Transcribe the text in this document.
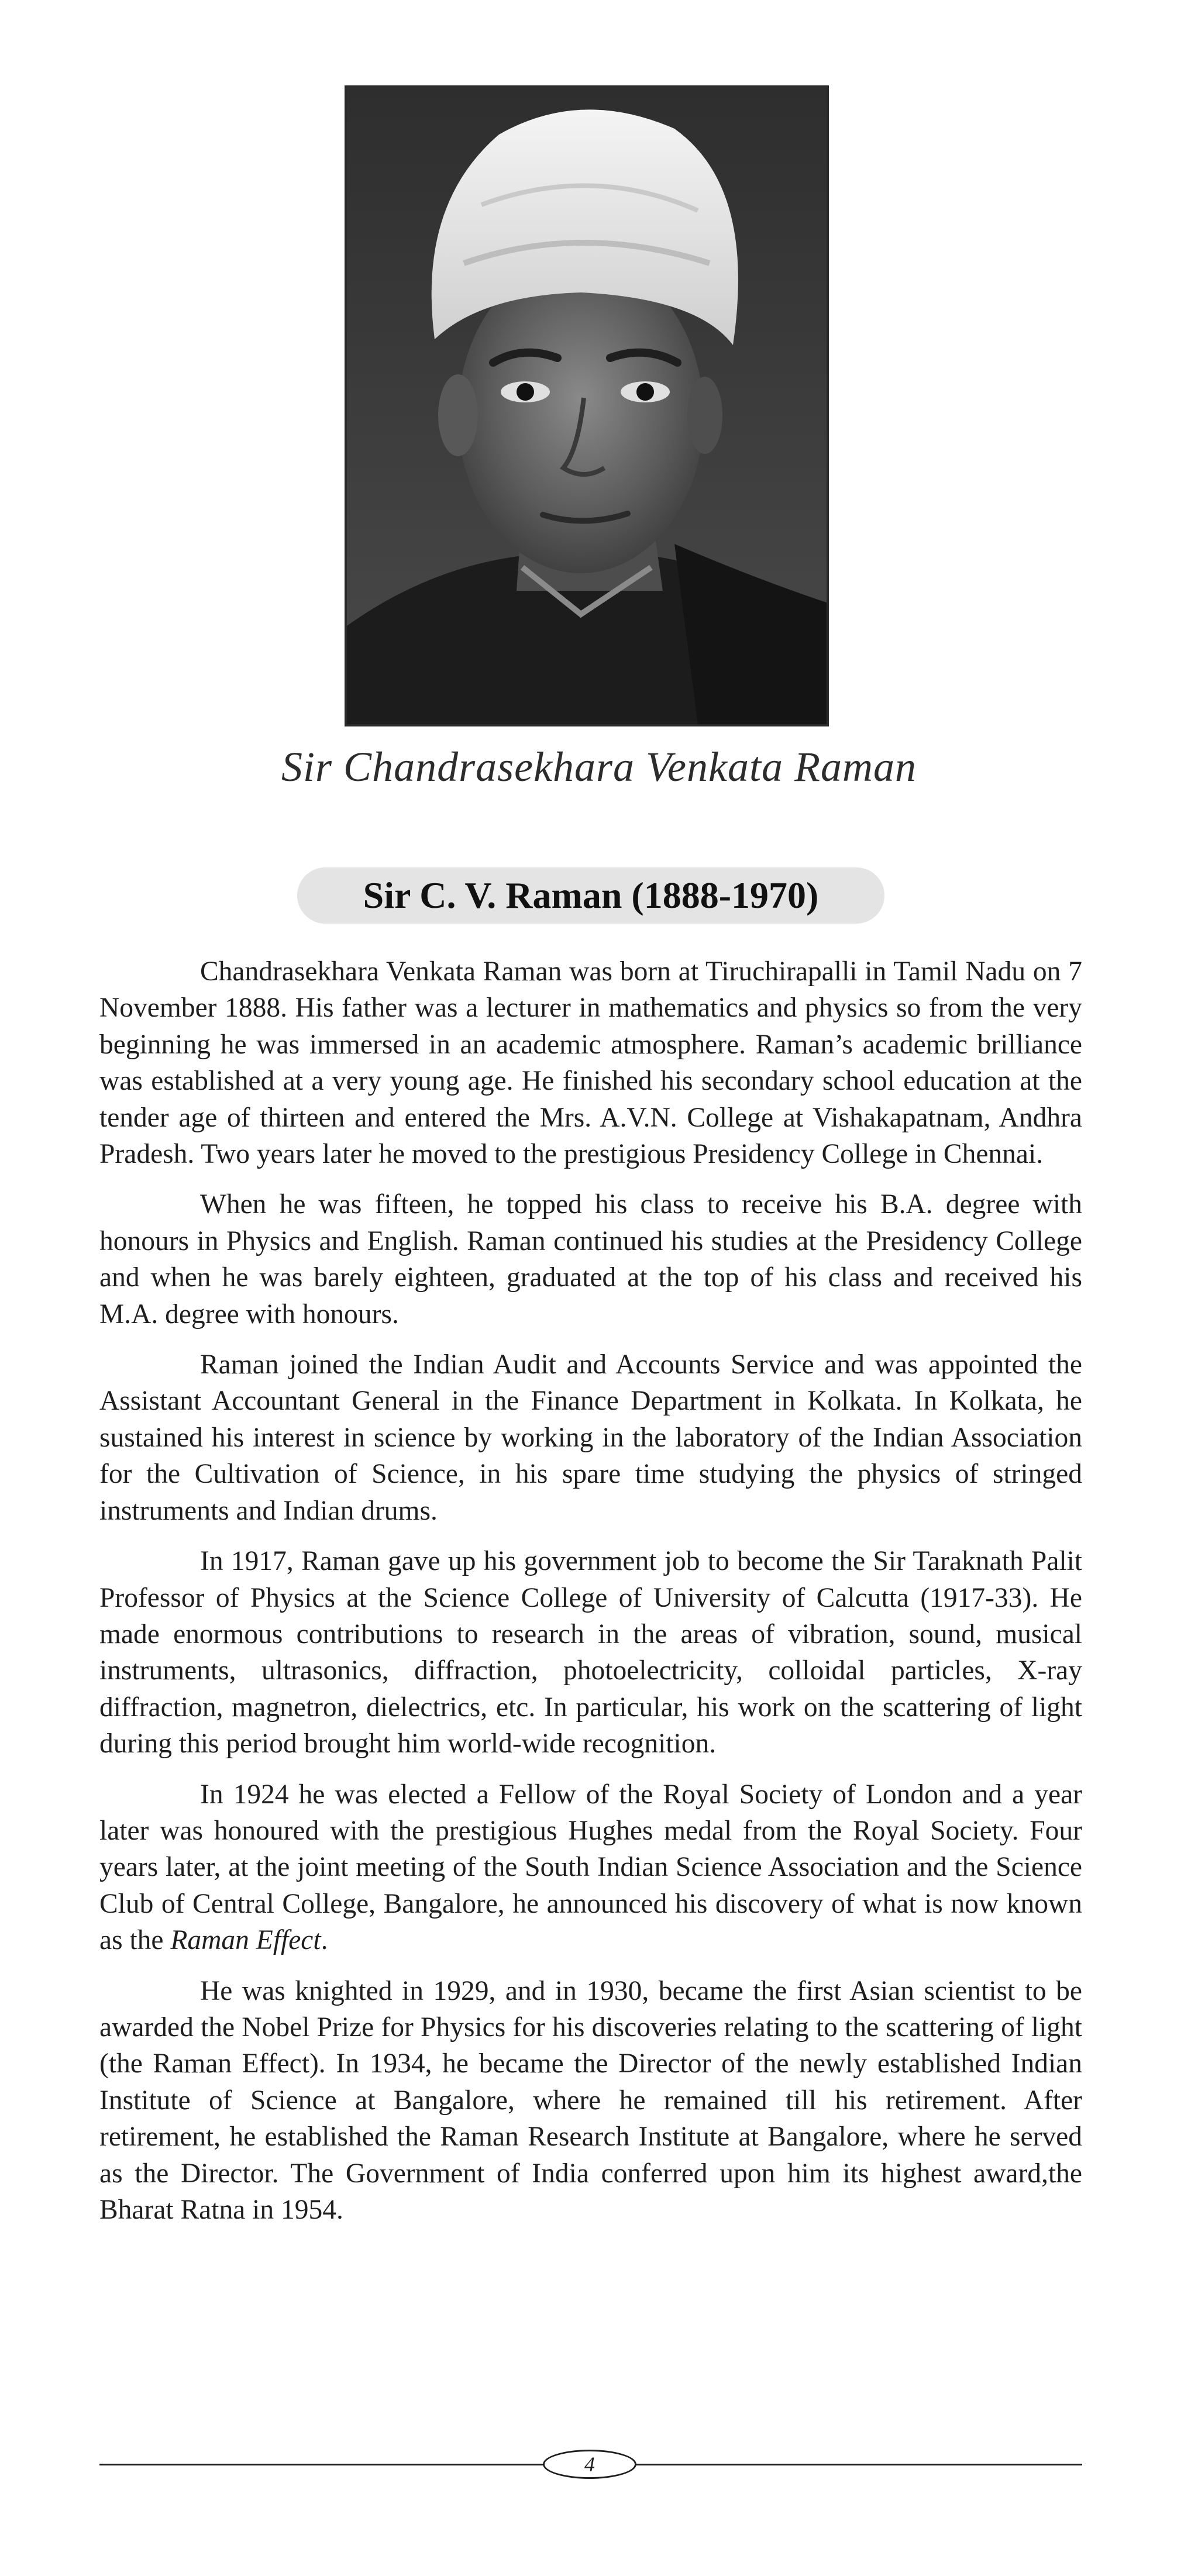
Sir Chandrasekhara Venkata Raman
Sir C. V. Raman (1888-1970)

Chandrasekhara Venkata Raman was born at Tiruchirapalli in Tamil Nadu on 7 November 1888. His father was a lecturer in mathematics and physics so from the very beginning he was immersed in an academic atmosphere. Raman’s academic brilliance was established at a very young age. He finished his secondary school education at the tender age of thirteen and entered the Mrs. A.V.N. College at Vishakapatnam, Andhra Pradesh. Two years later he moved to the prestigious Presidency College in Chennai.

When he was fifteen, he topped his class to receive his B.A. degree with honours in Physics and English. Raman continued his studies at the Presidency College and when he was barely eighteen, graduated at the top of his class and received his M.A. degree with honours.

Raman joined the Indian Audit and Accounts Service and was appointed the Assistant Accountant General in the Finance Department in Kolkata. In Kolkata, he sustained his interest in science by working in the laboratory of the Indian Association for the Cultivation of Science, in his spare time studying the physics of stringed instruments and Indian drums.

In 1917, Raman gave up his government job to become the Sir Taraknath Palit Professor of Physics at the Science College of University of Calcutta (1917-33). He made enormous contributions to research in the areas of vibration, sound, musical instruments, ultrasonics, diffraction, photoelectricity, colloidal particles, X-ray diffraction, magnetron, dielectrics, etc. In particular, his work on the scattering of light during this period brought him world-wide recognition.

In 1924 he was elected a Fellow of the Royal Society of London and a year later was honoured with the prestigious Hughes medal from the Royal Society. Four years later, at the joint meeting of the South Indian Science Association and the Science Club of Central College, Bangalore, he announced his discovery of what is now known as the Raman Effect.

He was knighted in 1929, and in 1930, became the first Asian scientist to be awarded the Nobel Prize for Physics for his discoveries relating to the scattering of light (the Raman Effect). In 1934, he became the Director of the newly established Indian Institute of Science at Bangalore, where he remained till his retirement. After retirement, he established the Raman Research Institute at Bangalore, where he served as the Director. The Government of India conferred upon him its highest award,the Bharat Ratna in 1954.

4
